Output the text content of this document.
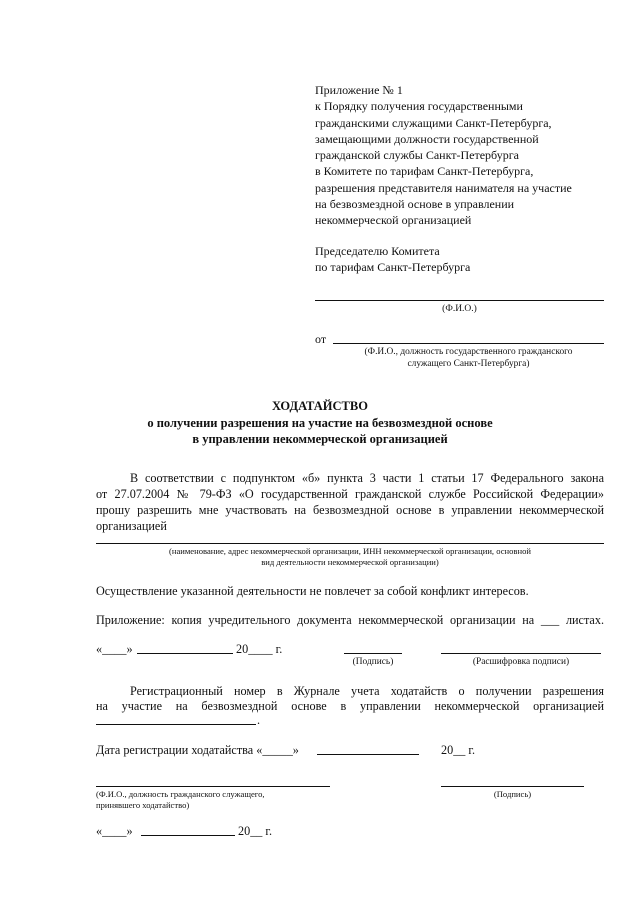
Приложение № 1
к Порядку получения государственными
гражданскими служащими Санкт-Петербурга,
замещающими должности государственной
гражданской службы Санкт-Петербурга
в Комитете по тарифам Санкт-Петербурга,
разрешения представителя нанимателя на участие
на безвозмездной основе в управлении
некоммерческой организацией
Председателю Комитета
по тарифам Санкт-Петербурга
(Ф.И.О.)
от
(Ф.И.О., должность государственного гражданского
служащего Санкт-Петербурга)
ХОДАТАЙСТВО
о получении разрешения на участие на безвозмездной основе
в управлении некоммерческой организацией
В соответствии с подпунктом «б» пункта 3 части 1 статьи 17 Федерального закона
от 27.07.2004 № 79-ФЗ «О государственной гражданской службе Российской Федерации»
прошу разрешить мне участвовать на безвозмездной основе в управлении некоммерческой
организацией
(наименование, адрес некоммерческой организации, ИНН некоммерческой организации, основной
вид деятельности некоммерческой организации)
Осуществление указанной деятельности не повлечет за собой конфликт интересов.
Приложение: копия учредительного документа некоммерческой организации на ___ листах.
«____»	20____ г.
(Подпись)	(Расшифровка подписи)
Регистрационный номер в Журнале учета ходатайств о получении разрешения
на участие на безвозмездной основе в управлении некоммерческой организацией
.
Дата регистрации ходатайства «_____»	20__ г.
(Ф.И.О., должность гражданского служащего,
принявшего ходатайство)
(Подпись)
«____»	20__ г.
